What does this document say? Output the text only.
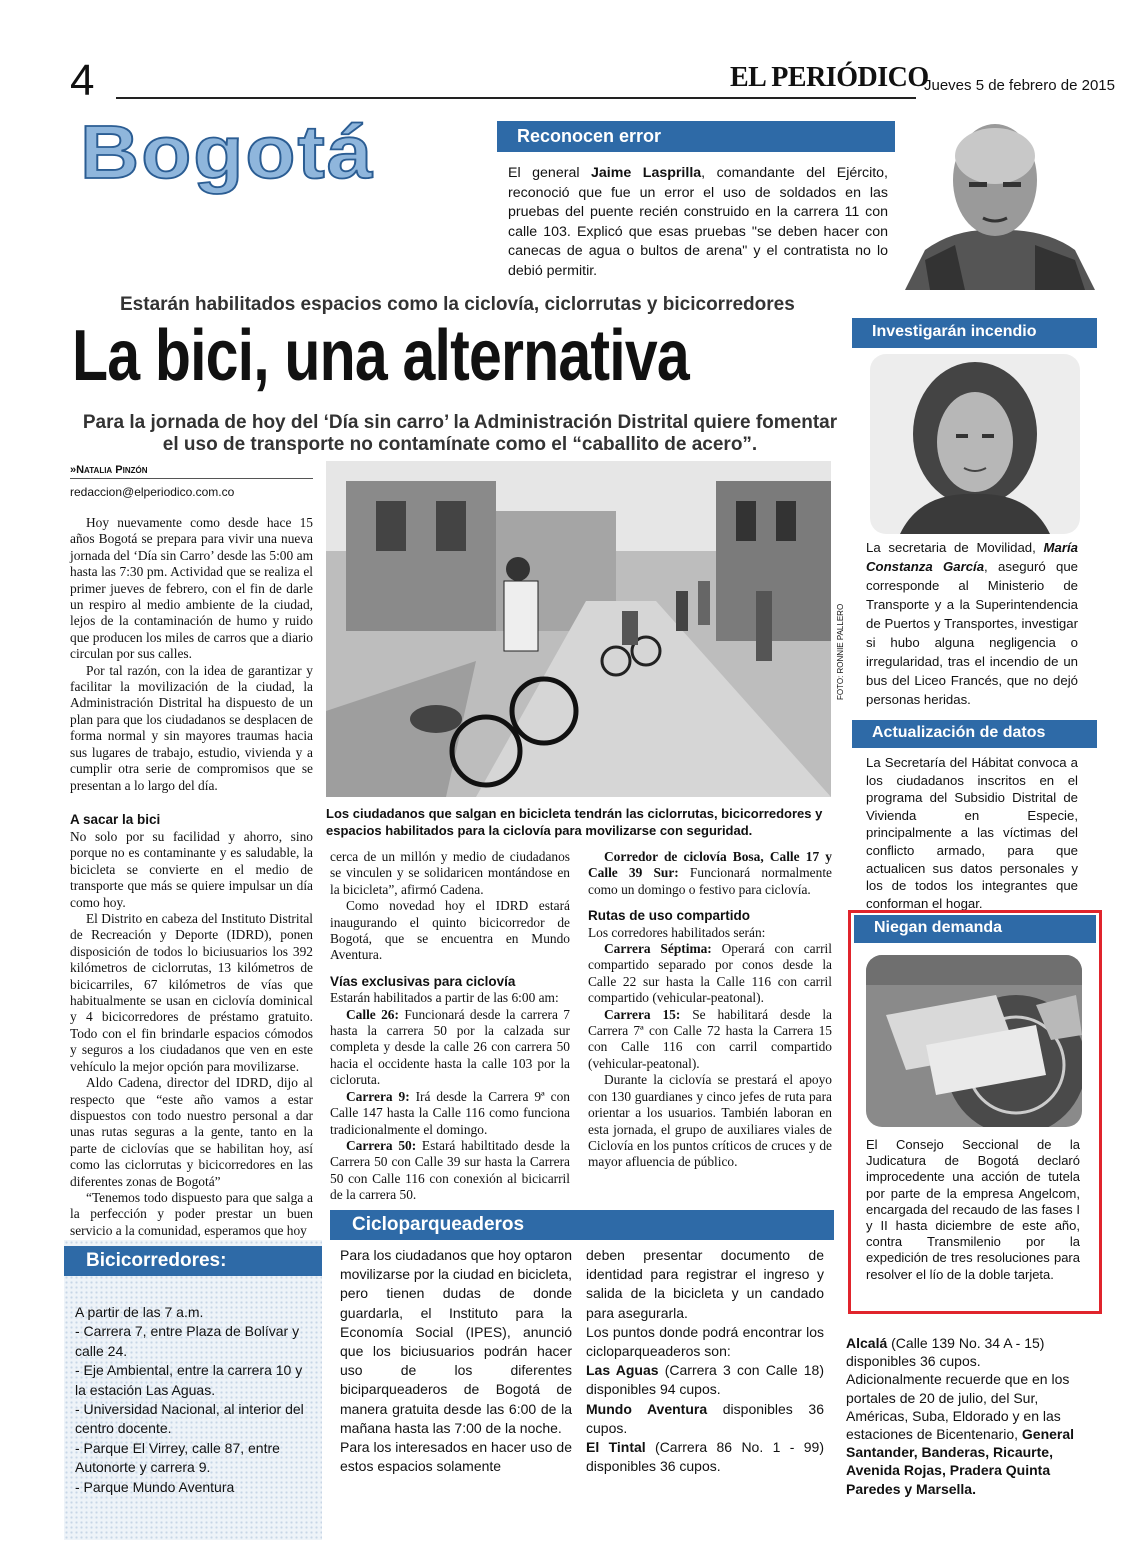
4	EL PERIÓDICO
Jueves 5 de febrero de 2015
Bogotá	Reconocen error
El general Jaime Lasprilla, comandante del Ejército, reconoció que fue un error el uso de soldados en las pruebas del puente recién construido en la carrera 11 con calle 103. Explicó que esas pruebas "se deben hacer con canecas de agua o bultos de arena" y el contratista no lo debió permitir.
Estarán habilitados espacios como la ciclovía, ciclorrutas y bicicorredores
La bici, una alternativa
Para la jornada de hoy del ‘Día sin carro’ la Administración Distrital quiere fomentar el uso de transporte no contamínate como el “caballito de acero”.
»Natalia Pinzón
redaccion@elperiodico.com.co

Hoy nuevamente como desde hace 15 años Bogotá se prepara para vivir una nueva jornada del ‘Día sin Carro’ desde las 5:00 am hasta las 7:30 pm. Actividad que se realiza el primer jueves de febrero, con el fin de darle un respiro al medio ambiente de la ciudad, lejos de la contaminación de humo y ruido que producen los miles de carros que a diario circulan por sus calles.

Por tal razón, con la idea de garantizar y facilitar la movilización de la ciudad, la Administración Distrital ha dispuesto de un plan para que los ciudadanos se desplacen de forma normal y sin mayores traumas hacia sus lugares de trabajo, estudio, vivienda y a cumplir otra serie de compromisos que se presentan a lo largo del día.

A sacar la bici

No solo por su facilidad y ahorro, sino porque no es contaminante y es saludable, la bicicleta se convierte en el medio de transporte que más se quiere impulsar un día como hoy.

El Distrito en cabeza del Instituto Distrital de Recreación y Deporte (IDRD), ponen disposición de todos lo biciusuarios los 392 kilómetros de ciclorrutas, 13 kilómetros de bicicarriles, 67 kilómetros de vías que habitualmente se usan en ciclovía dominical y 4 bicicorredores de préstamo gratuito. Todo con el fin brindarle espacios cómodos y seguros a los ciudadanos que ven en este vehículo la mejor opción para movilizarse.

Aldo Cadena, director del IDRD, dijo al respecto que “este año vamos a estar dispuestos con todo nuestro personal a dar unas rutas seguras a la gente, tanto en la parte de ciclovías que se habilitan hoy, así como las ciclorrutas y bicicorredores en las diferentes zonas de Bogotá”

“Tenemos todo dispuesto para que salga a la perfección y poder prestar un buen servicio a la comunidad, esperamos que hoy

FOTO: RONNIE PALLERO
Los ciudadanos que salgan en bicicleta tendrán las ciclorrutas, bicicorredores y espacios habilitados para la ciclovía para movilizarse con seguridad.

cerca de un millón y medio de ciudadanos se vinculen y se solidaricen montándose en la bicicleta”, afirmó Cadena.

Como novedad hoy el IDRD estará inaugurando el quinto bicicorredor de Bogotá, que se encuentra en Mundo Aventura.

Vías exclusivas para ciclovía

Estarán habilitados a partir de las 6:00 am:

Calle 26: Funcionará desde la carrera 7 hasta la carrera 50 por la calzada sur completa y desde la calle 26 con carrera 50 hacia el occidente hasta la calle 103 por la cicloruta.

Carrera 9: Irá desde la Carrera 9ª con Calle 147 hasta la Calle 116 como funciona tradicionalmente el domingo.

Carrera 50: Estará habiltitado desde la Carrera 50 con Calle 39 sur hasta la Carrera 50 con Calle 116 con conexión al bicicarril de la carrera 50.

Corredor de ciclovía Bosa, Calle 17 y Calle 39 Sur: Funcionará normalmente como un domingo o festivo para ciclovía.

Rutas de uso compartido

Los corredores habilitados serán:

Carrera Séptima: Operará con carril compartido separado por conos desde la Calle 22 sur hasta la Calle 116 con carril compartido (vehicular-peatonal).

Carrera 15: Se habilitará desde la Carrera 7ª con Calle 72 hasta la Carrera 15 con Calle 116 con carril compartido (vehicular-peatonal).

Durante la ciclovía se prestará el apoyo con 130 guardianes y cinco jefes de ruta para orientar a los usuarios. También laboran en esta jornada, el grupo de auxiliares viales de Ciclovía en los puntos críticos de cruces y de mayor afluencia de público.

Investigarán incendio
La secretaria de Movilidad, María Constanza García, aseguró que corresponde al Ministerio de Transporte y a la Superintendencia de Puertos y Transportes, investigar si hubo alguna negligencia o irregularidad, tras el incendio de un bus del Liceo Francés, que no dejó personas heridas.
Actualización de datos
La Secretaría del Hábitat convoca a los ciudadanos inscritos en el programa del Subsidio Distrital de Vivienda en Especie, principalmente a las víctimas del conflicto armado, para que actualicen sus datos personales y los de todos los integrantes que conforman el hogar.
Niegan demanda
El Consejo Seccional de la Judicatura de Bogotá declaró improcedente una acción de tutela por parte de la empresa Angelcom, encargada del recaudo de las fases I y II hasta diciembre de este año, contra Transmilenio por la expedición de tres resoluciones para resolver el lío de la doble tarjeta.
Alcalá (Calle 139 No. 34 A - 15) disponibles 36 cupos.
Adicionalmente recuerde que en los portales de 20 de julio, del Sur, Américas, Suba, Eldorado y en las estaciones de Bicentenario, General Santander, Banderas, Ricaurte, Avenida Rojas, Pradera Quinta Paredes y Marsella.
Bicicorredores:
A partir de las 7 a.m.
- Carrera 7, entre Plaza de Bolívar y calle 24.
- Eje Ambiental, entre la carrera 10 y la estación Las Aguas.
- Universidad Nacional, al interior del centro docente.
- Parque El Virrey, calle 87, entre Autonorte y carrera 9.
- Parque Mundo Aventura
Cicloparqueaderos
Para los ciudadanos que hoy optaron movilizarse por la ciudad en bicicleta, pero tienen dudas de donde guardarla, el Instituto para la Economía Social (IPES), anunció que los biciusuarios podrán hacer uso de los diferentes biciparqueaderos de Bogotá de manera gratuita desde las 6:00 de la mañana hasta las 7:00 de la noche.
Para los interesados en hacer uso de estos espacios solamente
deben presentar documento de identidad para registrar el ingreso y salida de la bicicleta y un candado para asegurarla.
Los puntos donde podrá encontrar los cicloparqueaderos son:
Las Aguas (Carrera 3 con Calle 18) disponibles 94 cupos.
Mundo Aventura disponibles 36 cupos.
El Tintal (Carrera 86 No. 1 - 99) disponibles 36 cupos.
